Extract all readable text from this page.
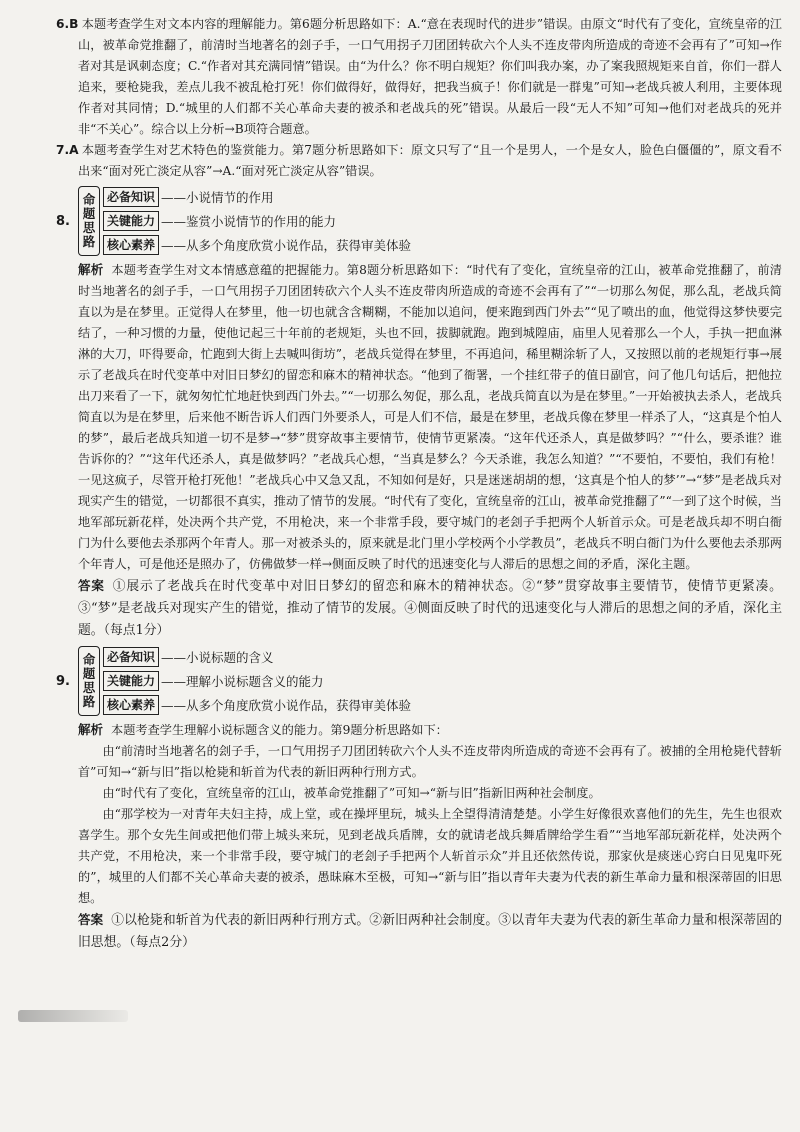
6.B 本题考查学生对文本内容的理解能力。第6题分析思路如下：A.“意在表现时代的进步”错误。由原文“时代有了变化，宣统皇帝的江山，被革命党推翻了，前清时当地著名的刽子手，一口气用拐子刀团团转砍六个人头不连皮带肉所造成的奇迹不会再有了”可知→作者对其是讽刺态度；C.“作者对其充满同情”错误。由“为什么？你不明白规矩？你们叫我办案，办了案我照规矩来自首，你们一群人追来，要枪毙我，差点儿我不被乱枪打死！你们做得好，做得好，把我当疯子！你们就是一群鬼”可知→老战兵被人利用，主要体现作者对其同情；D.“城里的人们都不关心革命夫妻的被杀和老战兵的死”错误。从最后一段“无人不知”可知→他们对老战兵的死并非“不关心”。综合以上分析→B项符合题意。

7.A 本题考查学生对艺术特色的鉴赏能力。第7题分析思路如下：原文只写了“且一个是男人，一个是女人，脸色白僵僵的”，原文看不出来“面对死亡淡定从容”→A.“面对死亡淡定从容”错误。

8.
命
题
思
路
必备知识 ——小说情节的作用
关键能力 ——鉴赏小说情节的作用的能力
核心素养 ——从多个角度欣赏小说作品，获得审美体验

解析 本题考查学生对文本情感意蕴的把握能力。第8题分析思路如下：“时代有了变化，宣统皇帝的江山，被革命党推翻了，前清时当地著名的刽子手，一口气用拐子刀团团转砍六个人头不连皮带肉所造成的奇迹不会再有了”“一切那么匆促，那么乱，老战兵简直以为是在梦里。正觉得人在梦里，他一切也就含含糊糊，不能加以追问，便来跑到西门外去”“见了喷出的血，他觉得这梦快要完结了，一种习惯的力量，使他记起三十年前的老规矩，头也不回，拔脚就跑。跑到城隍庙，庙里人见着那么一个人，手执一把血淋淋的大刀，吓得要命，忙跑到大街上去喊叫街坊”，老战兵觉得在梦里，不再追问，稀里糊涂斩了人，又按照以前的老规矩行事→展示了老战兵在时代变革中对旧日梦幻的留恋和麻木的精神状态。“他到了衙署，一个挂红带子的值日副官，问了他几句话后，把他拉出刀来看了一下，就匆匆忙忙地赶快到西门外去。”“一切那么匆促，那么乱，老战兵简直以为是在梦里。”一开始被执去杀人，老战兵简直以为是在梦里，后来他不断告诉人们西门外要杀人，可是人们不信，最是在梦里，老战兵像在梦里一样杀了人，“这真是个怕人的梦”，最后老战兵知道一切不是梦→“梦”贯穿故事主要情节，使情节更紧凑。“这年代还杀人，真是做梦吗？”“什么，要杀谁？谁告诉你的？”“这年代还杀人，真是做梦吗？”老战兵心想，“当真是梦么？今天杀谁，我怎么知道？”“不要怕，不要怕，我们有枪！一见这疯子，尽管开枪打死他！”老战兵心中又急又乱，不知如何是好，只是迷迷胡胡的想，‘这真是个怕人的梦’”→“梦”是老战兵对现实产生的错觉，一切都很不真实，推动了情节的发展。“时代有了变化，宣统皇帝的江山，被革命党推翻了”“一到了这个时候，当地军部玩新花样，处决两个共产党，不用枪决，来一个非常手段，要守城门的老刽子手把两个人斩首示众。可是老战兵却不明白衙门为什么要他去杀那两个年青人。那一对被杀头的，原来就是北门里小学校两个小学教员”，老战兵不明白衙门为什么要他去杀那两个年青人，可是他还是照办了，仿佛做梦一样→侧面反映了时代的迅速变化与人滞后的思想之间的矛盾，深化主题。

答案 ①展示了老战兵在时代变革中对旧日梦幻的留恋和麻木的精神状态。②“梦”贯穿故事主要情节，使情节更紧凑。③“梦”是老战兵对现实产生的错觉，推动了情节的发展。④侧面反映了时代的迅速变化与人滞后的思想之间的矛盾，深化主题。（每点1分）

9.
命
题
思
路
必备知识 ——小说标题的含义
关键能力 ——理解小说标题含义的能力
核心素养 ——从多个角度欣赏小说作品，获得审美体验

解析 本题考查学生理解小说标题含义的能力。第9题分析思路如下：

由“前清时当地著名的刽子手，一口气用拐子刀团团转砍六个人头不连皮带肉所造成的奇迹不会再有了。被捕的全用枪毙代替斩首”可知→“新与旧”指以枪毙和斩首为代表的新旧两种行刑方式。

由“时代有了变化，宣统皇帝的江山，被革命党推翻了”可知→“新与旧”指新旧两种社会制度。

由“那学校为一对青年夫妇主持，成上堂，或在操坪里玩，城头上全望得清清楚楚。小学生好像很欢喜他们的先生，先生也很欢喜学生。那个女先生间或把他们带上城头来玩，见到老战兵盾牌，女的就请老战兵舞盾牌给学生看”“当地军部玩新花样，处决两个共产党，不用枪决，来一个非常手段，要守城门的老刽子手把两个人斩首示众”并且还依然传说，那家伙是痰迷心窍白日见鬼吓死的”，城里的人们都不关心革命夫妻的被杀，愚昧麻木至极，可知→“新与旧”指以青年夫妻为代表的新生革命力量和根深蒂固的旧思想。

答案 ①以枪毙和斩首为代表的新旧两种行刑方式。②新旧两种社会制度。③以青年夫妻为代表的新生革命力量和根深蒂固的旧思想。（每点2分）
